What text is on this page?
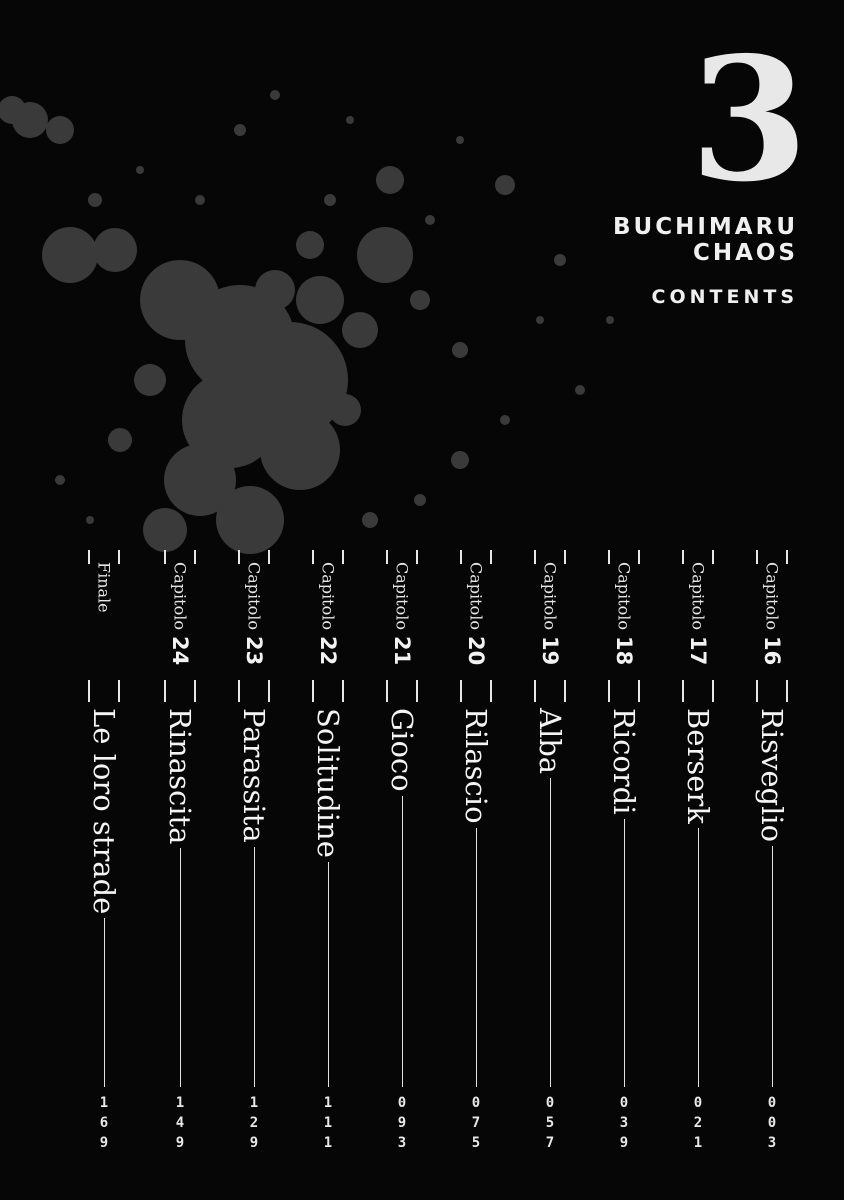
3
BUCHIMARU
CHAOS
CONTENTS
Capitolo
16
Risveglio
0
0
3
Capitolo
17
Berserk
0
2
1
Capitolo
18
Ricordi
0
3
9
Capitolo
19
Alba
0
5
7
Capitolo
20
Rilascio
0
7
5
Capitolo
21
Gioco
0
9
3
Capitolo
22
Solitudine
1
1
1
Capitolo
23
Parassita
1
2
9
Capitolo
24
Rinascita
1
4
9
Finale
Le loro strade
1
6
9
